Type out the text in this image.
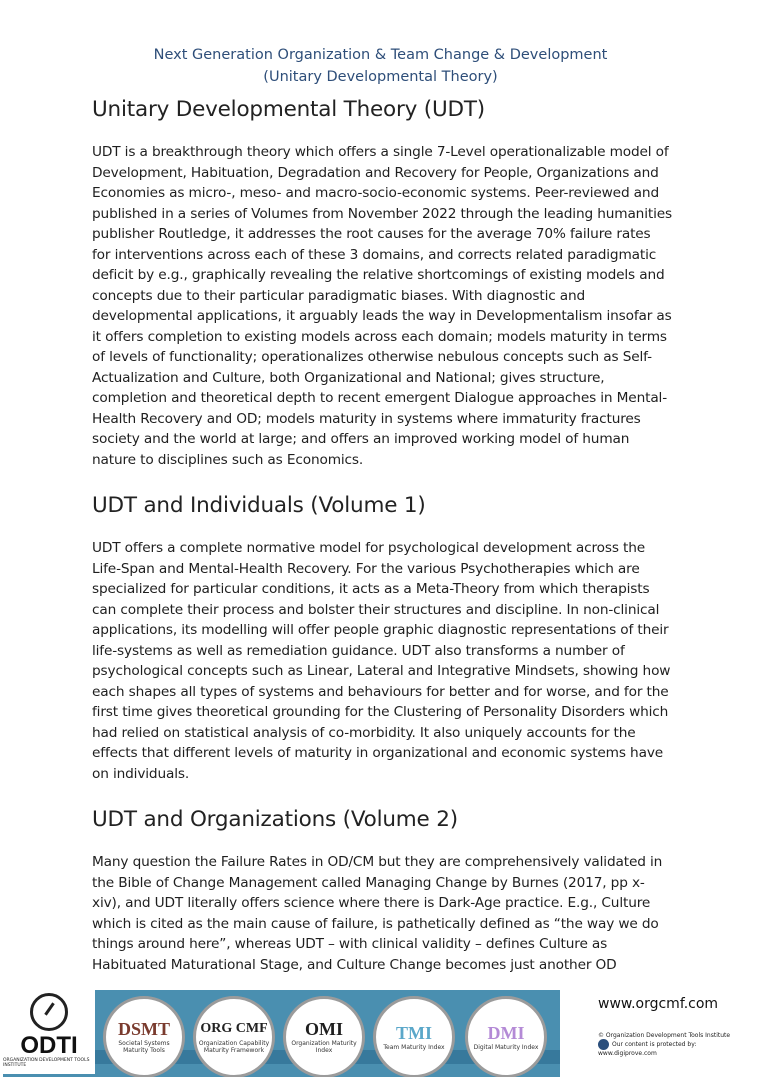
Next Generation Organization & Team Change & Development
(Unitary Developmental Theory)
Unitary Developmental Theory (UDT)

UDT is a breakthrough theory which offers a single 7-Level operationalizable model of Development, Habituation, Degradation and Recovery for People, Organizations and Economies as micro-, meso- and macro-socio-economic systems. Peer-reviewed and published in a series of Volumes from November 2022 through the leading humanities publisher Routledge, it addresses the root causes for the average 70% failure rates for interventions across each of these 3 domains, and corrects related paradigmatic deficit by e.g., graphically revealing the relative shortcomings of existing models and concepts due to their particular paradigmatic biases. With diagnostic and developmental applications, it arguably leads the way in Developmentalism insofar as it offers completion to existing models across each domain; models maturity in terms of levels of functionality; operationalizes otherwise nebulous concepts such as Self-Actualization and Culture, both Organizational and National; gives structure, completion and theoretical depth to recent emergent Dialogue approaches in Mental-Health Recovery and OD; models maturity in systems where immaturity fractures society and the world at large; and offers an improved working model of human nature to disciplines such as Economics.

UDT and Individuals (Volume 1)

UDT offers a complete normative model for psychological development across the Life-Span and Mental-Health Recovery. For the various Psychotherapies which are specialized for particular conditions, it acts as a Meta-Theory from which therapists can complete their process and bolster their structures and discipline. In non-clinical applications, its modelling will offer people graphic diagnostic representations of their life-systems as well as remediation guidance. UDT also transforms a number of psychological concepts such as Linear, Lateral and Integrative Mindsets, showing how each shapes all types of systems and behaviours for better and for worse, and for the first time gives theoretical grounding for the Clustering of Personality Disorders which had relied on statistical analysis of co-morbidity. It also uniquely accounts for the effects that different levels of maturity in organizational and economic systems have on individuals.

UDT and Organizations (Volume 2)

Many question the Failure Rates in OD/CM but they are comprehensively validated in the Bible of Change Management called Managing Change by Burnes (2017, pp x-xiv), and UDT literally offers science where there is Dark-Age practice. E.g., Culture which is cited as the main cause of failure, is pathetically defined as “the way we do things around here”, whereas UDT – with clinical validity – defines Culture as Habituated Maturational Stage, and Culture Change becomes just another OD

DSMT
Societal Systems Maturity Tools
ORG CMF
Organization Capability Maturity Framework
OMI
Organization Maturity Index
TMI
Team Maturity Index
DMI
Digital Maturity Index
ODTI
ORGANIZATION DEVELOPMENT TOOLS INSTITUTE
www.orgcmf.com
© Organization Development Tools Institute
Our content is protected by: www.digiprove.com
